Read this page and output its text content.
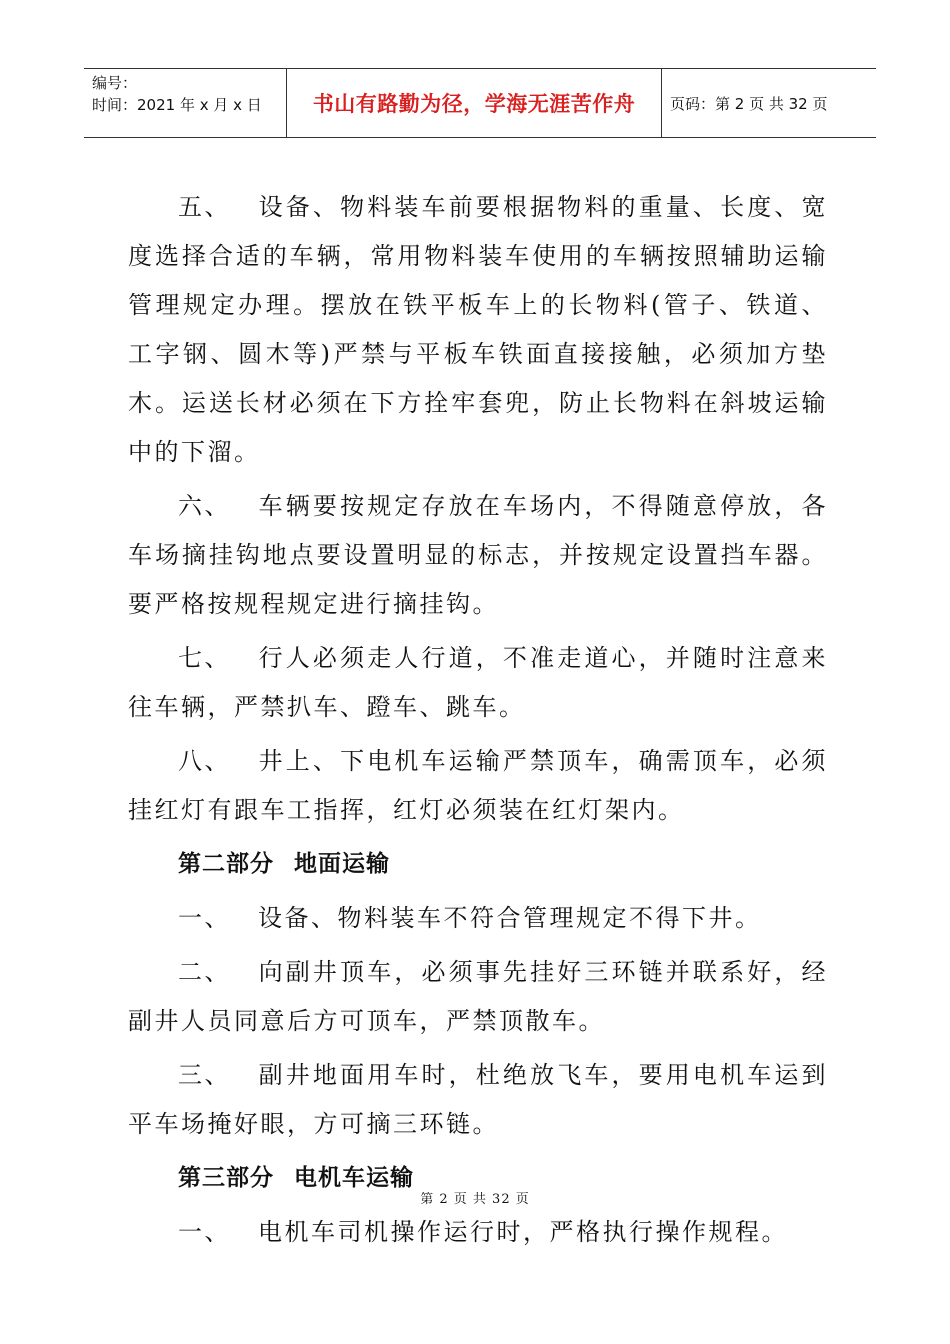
编号：
时间：2021 年 x 月 x 日	书山有路勤为径，学海无涯苦作舟	页码：第 2 页 共 32 页

五、 设备、物料装车前要根据物料的重量、长度、宽度选择合适的车辆，常用物料装车使用的车辆按照辅助运输管理规定办理。摆放在铁平板车上的长物料(管子、铁道、工字钢、圆木等)严禁与平板车铁面直接接触，必须加方垫木。运送长材必须在下方拴牢套兜，防止长物料在斜坡运输中的下溜。

六、 车辆要按规定存放在车场内，不得随意停放，各车场摘挂钩地点要设置明显的标志，并按规定设置挡车器。要严格按规程规定进行摘挂钩。

七、 行人必须走人行道，不准走道心，并随时注意来往车辆，严禁扒车、蹬车、跳车。

八、 井上、下电机车运输严禁顶车，确需顶车，必须挂红灯有跟车工指挥，红灯必须装在红灯架内。

第二部分 地面运输

一、 设备、物料装车不符合管理规定不得下井。

二、 向副井顶车，必须事先挂好三环链并联系好，经副井人员同意后方可顶车，严禁顶散车。

三、 副井地面用车时，杜绝放飞车，要用电机车运到平车场掩好眼，方可摘三环链。

第三部分 电机车运输

一、 电机车司机操作运行时，严格执行操作规程。

第 2 页 共 32 页
